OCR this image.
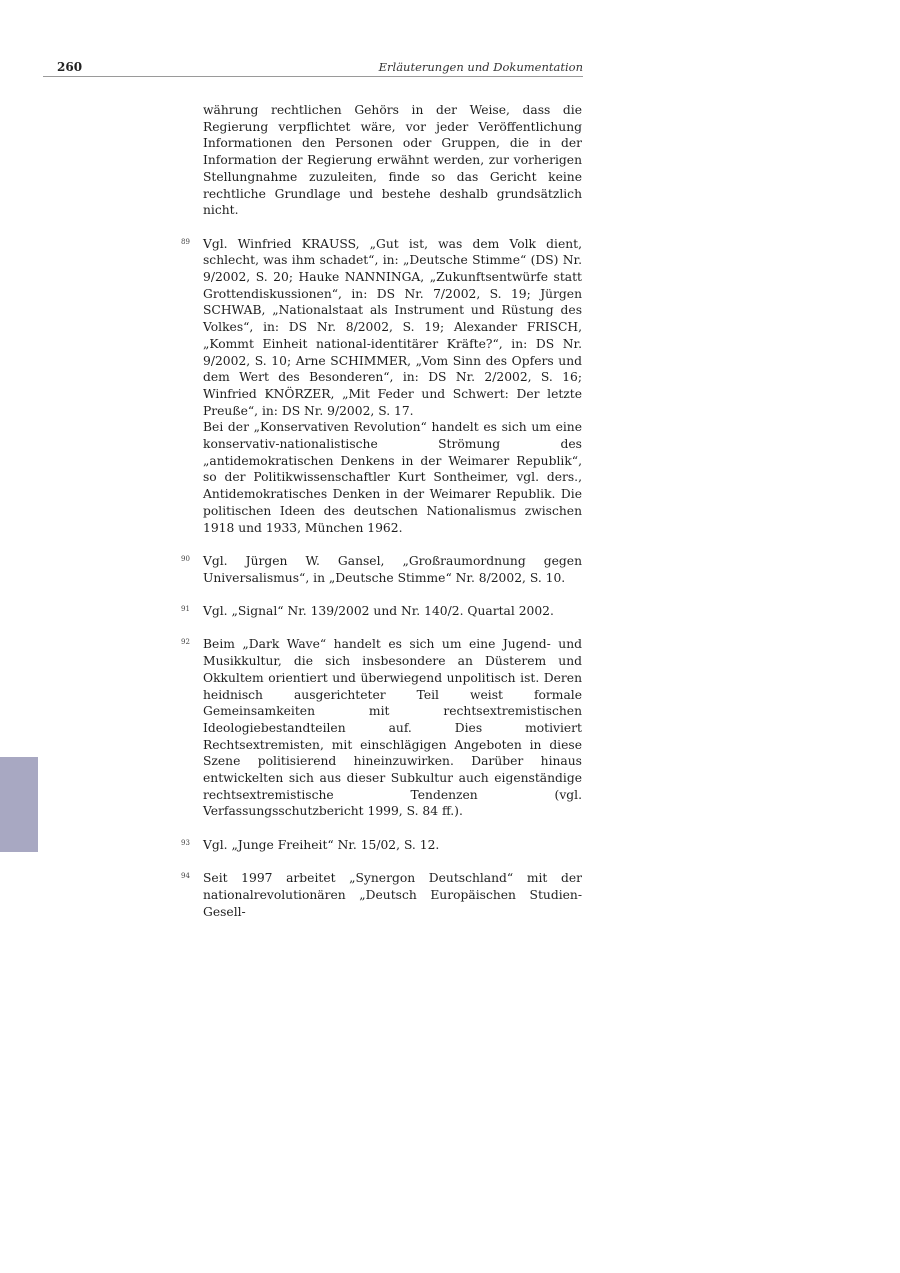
260	Erläuterungen und Dokumentation

währung rechtlichen Gehörs in der Weise, dass die Regierung verpflichtet wäre, vor jeder Veröffentlichung Informationen den Personen oder Gruppen, die in der Information der Regierung erwähnt werden, zur vorherigen Stellungnahme zuzuleiten, finde so das Gericht keine rechtliche Grundlage und bestehe deshalb grundsätzlich nicht.

89 Vgl. Winfried KRAUSS, „Gut ist, was dem Volk dient, schlecht, was ihm schadet“, in: „Deutsche Stimme“ (DS) Nr. 9/2002, S. 20; Hauke NANNINGA, „Zukunftsentwürfe statt Grottendiskussionen“, in: DS Nr. 7/2002, S. 19; Jürgen SCHWAB, „Nationalstaat als Instrument und Rüstung des Volkes“, in: DS Nr. 8/2002, S. 19; Alexander FRISCH, „Kommt Einheit national-identitärer Kräfte?“, in: DS Nr. 9/2002, S. 10; Arne SCHIMMER, „Vom Sinn des Opfers und dem Wert des Besonderen“, in: DS Nr. 2/2002, S. 16; Winfried KNÖRZER, „Mit Feder und Schwert: Der letzte Preuße“, in: DS Nr. 9/2002, S. 17.

Bei der „Konservativen Revolution“ handelt es sich um eine konservativ-nationalistische Strömung des „antidemokratischen Denkens in der Weimarer Republik“, so der Politikwissenschaftler Kurt Sontheimer, vgl. ders., Antidemokratisches Denken in der Weimarer Republik. Die politischen Ideen des deutschen Nationalismus zwischen 1918 und 1933, München 1962.

90 Vgl. Jürgen W. Gansel, „Großraumordnung gegen Universalismus“, in „Deutsche Stimme“ Nr. 8/2002, S. 10.

91 Vgl. „Signal“ Nr. 139/2002 und Nr. 140/2. Quartal 2002.

92 Beim „Dark Wave“ handelt es sich um eine Jugend- und Musikkultur, die sich insbesondere an Düsterem und Okkultem orientiert und überwiegend unpolitisch ist. Deren heidnisch ausgerichteter Teil weist formale Gemeinsamkeiten mit rechtsextremistischen Ideologiebestandteilen auf. Dies motiviert Rechtsextremisten, mit einschlägigen Angeboten in diese Szene politisierend hineinzuwirken. Darüber hinaus entwickelten sich aus dieser Subkultur auch eigenständige rechtsextremistische Tendenzen (vgl. Verfassungsschutzbericht 1999, S. 84 ff.).

93 Vgl. „Junge Freiheit“ Nr. 15/02, S. 12.

94 Seit 1997 arbeitet „Synergon Deutschland“ mit der nationalrevolutionären „Deutsch Europäischen Studien-Gesell-
